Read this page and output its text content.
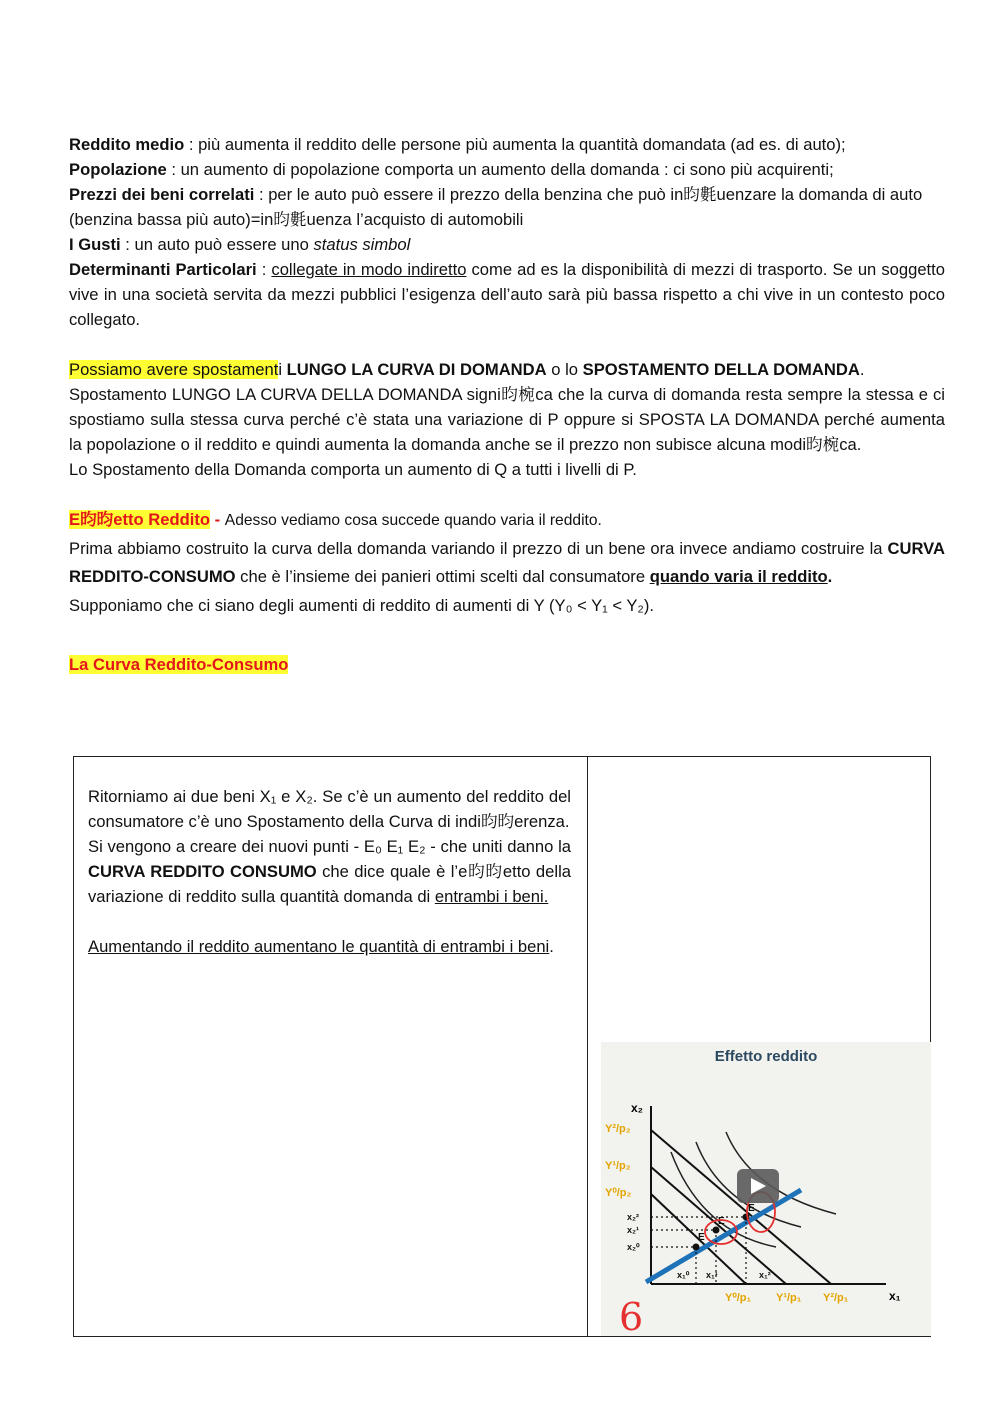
Reddito medio : più aumenta il reddito delle persone più aumenta la quantità domandata (ad es. di auto);

Popolazione : un aumento di popolazione comporta un aumento della domanda : ci sono più acquirenti;

Prezzi dei beni correlati : per le auto può essere il prezzo della benzina che può in昀氀uenzare la domanda di auto (benzina bassa più auto)=in昀氀uenza l’acquisto di automobili

I Gusti : un auto può essere uno status simbol

Determinanti Particolari : collegate in modo indiretto come ad es la disponibilità di mezzi di trasporto. Se un soggetto vive in una società servita da mezzi pubblici l’esigenza dell’auto sarà più bassa rispetto a chi vive in un contesto poco collegato.

Possiamo avere spostamenti LUNGO LA CURVA DI DOMANDA o lo SPOSTAMENTO DELLA DOMANDA.

Spostamento LUNGO LA CURVA DELLA DOMANDA signi昀椀ca che la curva di domanda resta sempre la stessa e ci spostiamo sulla stessa curva perché c’è stata una variazione di P oppure si SPOSTA LA DOMANDA perché aumenta la popolazione o il reddito e quindi aumenta la domanda anche se il prezzo non subisce alcuna modi昀椀ca.

Lo Spostamento della Domanda comporta un aumento di Q a tutti i livelli di P.

E昀昀etto Reddito - Adesso vediamo cosa succede quando varia il reddito.

Prima abbiamo costruito la curva della domanda variando il prezzo di un bene ora invece andiamo costruire la CURVA REDDITO-CONSUMO che è l’insieme dei panieri ottimi scelti dal consumatore quando varia il reddito.

Supponiamo che ci siano degli aumenti di reddito di aumenti di Y (Y₀ < Y₁ < Y₂).

La Curva Reddito-Consumo

Ritorniamo ai due beni X₁ e X₂. Se c’è un aumento del reddito del consumatore c’è uno Spostamento della Curva di indi昀昀erenza.

Si vengono a creare dei nuovi punti - E₀ E₁ E₂ - che uniti danno la CURVA REDDITO CONSUMO che dice quale è l’e昀昀etto della variazione di reddito sulla quantità domanda di entrambi i beni.

Aumentando il reddito aumentano le quantità di entrambi i beni.

Effetto reddito
x₂
x₁
E
E
E
Y²/p₂
Y¹/p₂
Y⁰/p₂
x₂²
x₂¹
x₂⁰
x₁⁰ x₁¹	x₁²
Y⁰/p₁ Y¹/p₁ Y²/p₁
6
